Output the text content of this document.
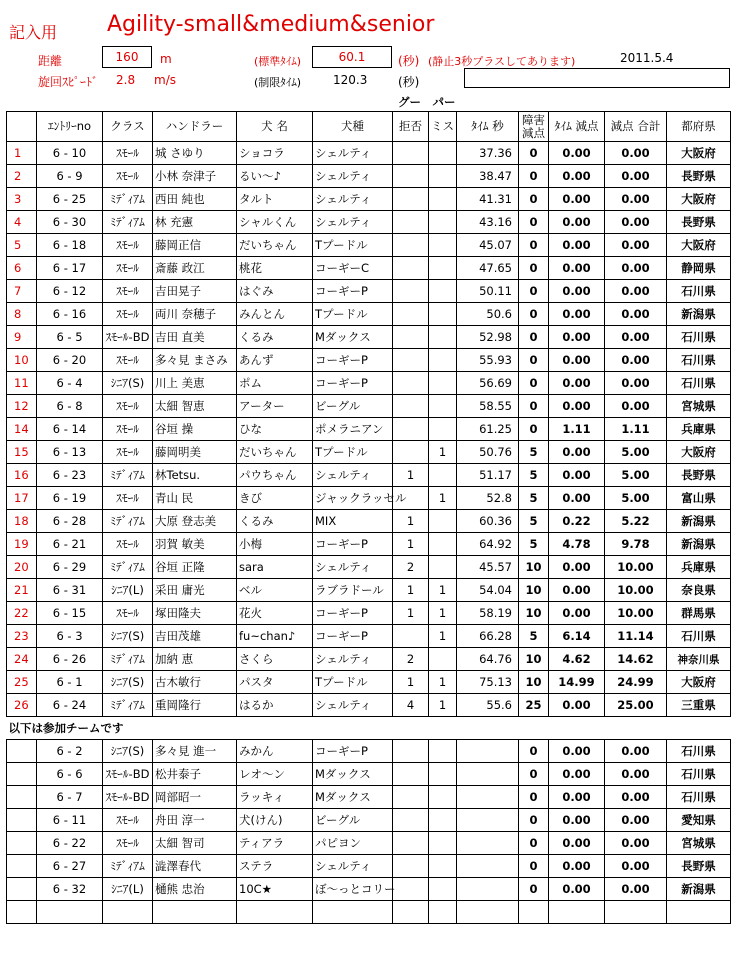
記入用 Agility-small&medium&senior
距離	160	m	(標準ﾀｲﾑ)	60.1	(秒) (静止3秒プラスしてあります)	2011.5.4
旋回ｽﾋﾟｰﾄﾞ 2.8 m/s	(制限ﾀｲﾑ)	120.3	(秒)
グー　パー
	ｴﾝﾄﾘｰno	クラス	ハンドラー	犬 名	犬種	拒否	ミス	ﾀｲﾑ 秒	障害減点	ﾀｲﾑ 減点	減点 合計	都府県
1	6 - 10	ｽﾓｰﾙ	城 さゆり	ショコラ	シェルティ			37.36	0	0.00	0.00	大阪府
2	6 - 9	ｽﾓｰﾙ	小林 奈津子	るい～♪	シェルティ			38.47	0	0.00	0.00	長野県
3	6 - 25	ﾐﾃﾞｨｱﾑ	西田 純也	タルト	シェルティ			41.31	0	0.00	0.00	大阪府
4	6 - 30	ﾐﾃﾞｨｱﾑ	林 充憲	シャルくん	シェルティ			43.16	0	0.00	0.00	長野県
5	6 - 18	ｽﾓｰﾙ	藤岡正信	だいちゃん	Tプードル			45.07	0	0.00	0.00	大阪府
6	6 - 17	ｽﾓｰﾙ	斎藤 政江	桃花	コーギーC			47.65	0	0.00	0.00	静岡県
7	6 - 12	ｽﾓｰﾙ	吉田晃子	はぐみ	コーギーP			50.11	0	0.00	0.00	石川県
8	6 - 16	ｽﾓｰﾙ	両川 奈穂子	みんとん	Tプードル			50.6	0	0.00	0.00	新潟県
9	6 - 5	ｽﾓｰﾙ-BD	吉田 直美	くるみ	Mダックス			52.98	0	0.00	0.00	石川県
10	6 - 20	ｽﾓｰﾙ	多々見 まさみ	あんず	コーギーP			55.93	0	0.00	0.00	石川県
11	6 - 4	ｼﾆｱ(S)	川上 美恵	ポム	コーギーP			56.69	0	0.00	0.00	石川県
12	6 - 8	ｽﾓｰﾙ	太細 智恵	アーター	ビーグル			58.55	0	0.00	0.00	宮城県
14	6 - 14	ｽﾓｰﾙ	谷垣 操	ひな	ポメラニアン			61.25	0	1.11	1.11	兵庫県
15	6 - 13	ｽﾓｰﾙ	藤岡明美	だいちゃん	Tプードル		1	50.76	5	0.00	5.00	大阪府
16	6 - 23	ﾐﾃﾞｨｱﾑ	林Tetsu.	パウちゃん	シェルティ	1		51.17	5	0.00	5.00	長野県
17	6 - 19	ｽﾓｰﾙ	青山 民	きび	ジャックラッセル		1	52.8	5	0.00	5.00	富山県
18	6 - 28	ﾐﾃﾞｨｱﾑ	大原 登志美	くるみ	MIX	1		60.36	5	0.22	5.22	新潟県
19	6 - 21	ｽﾓｰﾙ	羽賀 敏美	小梅	コーギーP	1		64.92	5	4.78	9.78	新潟県
20	6 - 29	ﾐﾃﾞｨｱﾑ	谷垣 正隆	sara	シェルティ	2		45.57	10	0.00	10.00	兵庫県
21	6 - 31	ｼﾆｱ(L)	采田 庸光	ベル	ラブラドール	1	1	54.04	10	0.00	10.00	奈良県
22	6 - 15	ｽﾓｰﾙ	塚田隆夫	花火	コーギーP	1	1	58.19	10	0.00	10.00	群馬県
23	6 - 3	ｼﾆｱ(S)	吉田茂雄	fu~chan♪	コーギーP		1	66.28	5	6.14	11.14	石川県
24	6 - 26	ﾐﾃﾞｨｱﾑ	加納 恵	さくら	シェルティ	2		64.76	10	4.62	14.62	神奈川県
25	6 - 1	ｼﾆｱ(S)	古木敏行	パスタ	Tプードル	1	1	75.13	10	14.99	24.99	大阪府
26	6 - 24	ﾐﾃﾞｨｱﾑ	重岡隆行	はるか	シェルティ	4	1	55.6	25	0.00	25.00	三重県
以下は参加チームです												
	6 - 2	ｼﾆｱ(S)	多々見 進一	みかん	コーギーP				0	0.00	0.00	石川県
	6 - 6	ｽﾓｰﾙ-BD	松井泰子	レオ～ン	Mダックス				0	0.00	0.00	石川県
	6 - 7	ｽﾓｰﾙ-BD	岡部昭一	ラッキィ	Mダックス				0	0.00	0.00	石川県
	6 - 11	ｽﾓｰﾙ	舟田 淳一	犬(けん)	ビーグル				0	0.00	0.00	愛知県
	6 - 22	ｽﾓｰﾙ	太細 智司	ティアラ	パピヨン				0	0.00	0.00	宮城県
	6 - 27	ﾐﾃﾞｨｱﾑ	澁澤春代	ステラ	シェルティ				0	0.00	0.00	長野県
	6 - 32	ｼﾆｱ(L)	樋熊 忠治	10C★	ぼ～っとコリー				0	0.00	0.00	新潟県
